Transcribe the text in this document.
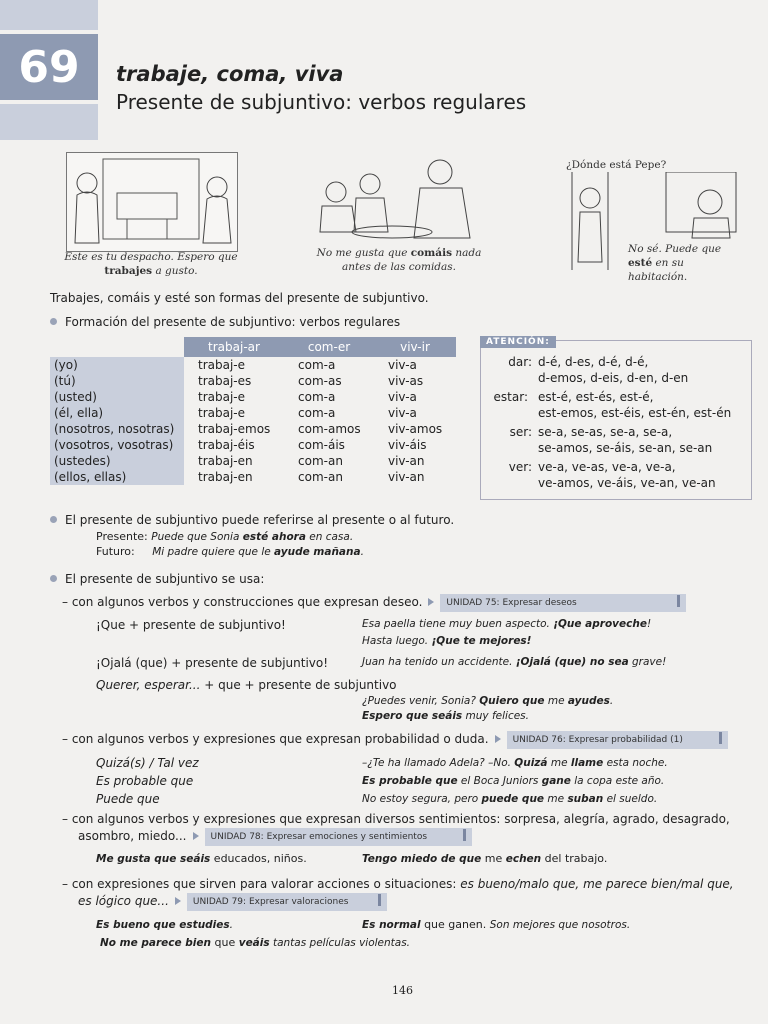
69	trabaje, coma, viva
Presente de subjuntivo: verbos regulares
Este es tu despacho. Espero que trabajes a gusto.
No me gusta que comáis nada antes de las comidas.
¿Dónde está Pepe?
No sé. Puede que esté en su habitación.
Trabajes, comáis y esté son formas del presente de subjuntivo.
Formación del presente de subjuntivo: verbos regulares
	trabaj-ar	com-er	viv-ir
(yo)	trabaj-e	com-a	viv-a
(tú)	trabaj-es	com-as	viv-as
(usted)	trabaj-e	com-a	viv-a
(él, ella)	trabaj-e	com-a	viv-a
(nosotros, nosotras)	trabaj-emos	com-amos	viv-amos
(vosotros, vosotras)	trabaj-éis	com-áis	viv-áis
(ustedes)	trabaj-en	com-an	viv-an
(ellos, ellas)	trabaj-en	com-an	viv-an
ATENCIÓN:
dar: d-é, d-es, d-é, d-é,
d-emos, d-eis, d-en, d-en
estar: est-é, est-és, est-é,
est-emos, est-éis, est-én, est-én
ser: se-a, se-as, se-a, se-a,
se-amos, se-áis, se-an, se-an
ver: ve-a, ve-as, ve-a, ve-a,
ve-amos, ve-áis, ve-an, ve-an
El presente de subjuntivo puede referirse al presente o al futuro.
Presente: Puede que Sonia esté ahora en casa.
Futuro: Mi padre quiere que le ayude mañana.
El presente de subjuntivo se usa:
– con algunos verbos y construcciones que expresan deseo.	UNIDAD 75: Expresar deseos
¡Que + presente de subjuntivo!	Esa paella tiene muy buen aspecto. ¡Que aproveche!
Hasta luego. ¡Que te mejores!
¡Ojalá (que) + presente de subjuntivo!	Juan ha tenido un accidente. ¡Ojalá (que) no sea grave!
Querer, esperar... + que + presente de subjuntivo
¿Puedes venir, Sonia? Quiero que me ayudes.
Espero que seáis muy felices.
– con algunos verbos y expresiones que expresan probabilidad o duda.	UNIDAD 76: Expresar probabilidad (1)
Quizá(s) / Tal vez	–¿Te ha llamado Adela? –No. Quizá me llame esta noche.
Es probable que	Es probable que el Boca Juniors gane la copa este año.
Puede que	No estoy segura, pero puede que me suban el sueldo.
– con algunos verbos y expresiones que expresan diversos sentimientos: sorpresa, alegría, agrado, desagrado,
asombro, miedo...	UNIDAD 78: Expresar emociones y sentimientos
Me gusta que seáis educados, niños.	Tengo miedo de que me echen del trabajo.
– con expresiones que sirven para valorar acciones o situaciones: es bueno/malo que, me parece bien/mal que,
es lógico que...	UNIDAD 79: Expresar valoraciones
Es bueno que estudies.	Es normal que ganen. Son mejores que nosotros.
No me parece bien que veáis tantas películas violentas.
146
